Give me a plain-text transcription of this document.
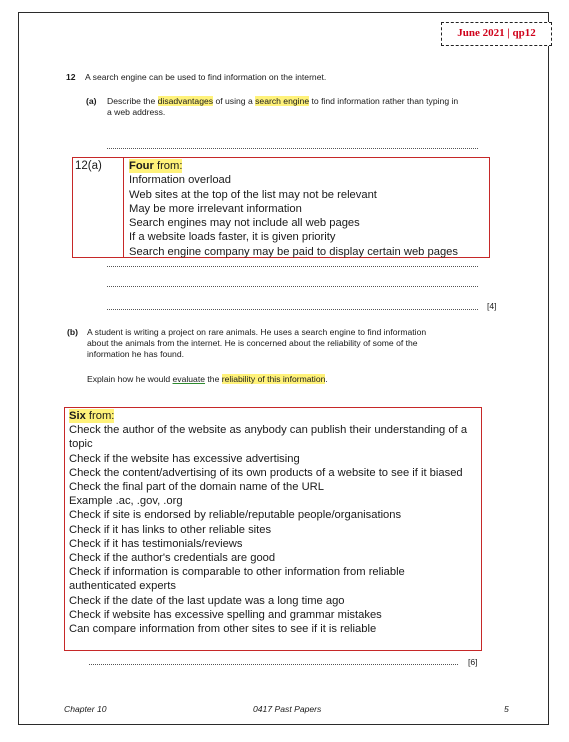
June 2021 | qp12
12 A search engine can be used to find information on the internet.
(a) Describe the disadvantages of using a search engine to find information rather than typing in
a web address.
12(a)	Four from:
Information overload
Web sites at the top of the list may not be relevant
May be more irrelevant information
Search engines may not include all web pages
If a website loads faster, it is given priority
Search engine company may be paid to display certain web pages
[4]
(b) A student is writing a project on rare animals. He uses a search engine to find information
about the animals from the internet. He is concerned about the reliability of some of the
information he has found.
Explain how he would evaluate the reliability of this information.
Six from:
Check the author of the website as anybody can publish their understanding of a topic
Check if the website has excessive advertising
Check the content/advertising of its own products of a website to see if it biased
Check the final part of the domain name of the URL
Example .ac, .gov, .org
Check if site is endorsed by reliable/reputable people/organisations
Check if it has links to other reliable sites
Check if it has testimonials/reviews
Check if the author's credentials are good
Check if information is comparable to other information from reliable authenticated experts
Check if the date of the last update was a long time ago
Check if website has excessive spelling and grammar mistakes
Can compare information from other sites to see if it is reliable
[6]
Chapter 10	0417 Past Papers	5
